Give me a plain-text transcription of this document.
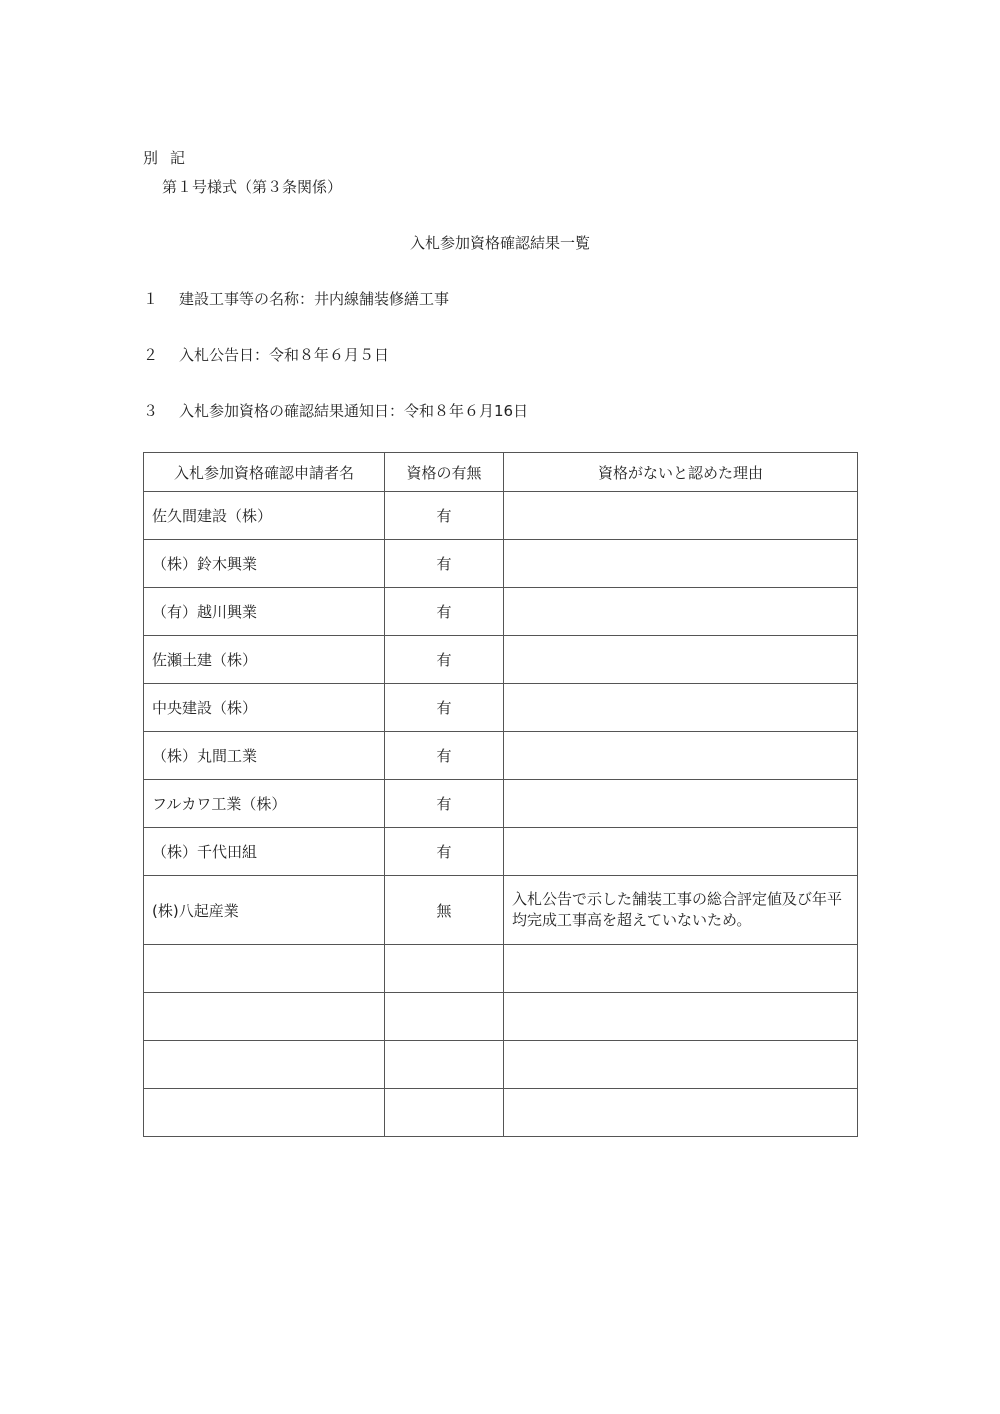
別記
第１号様式（第３条関係）
入札参加資格確認結果一覧
１ 建設工事等の名称：井内線舗装修繕工事
２ 入札公告日：令和８年６月５日
３ 入札参加資格の確認結果通知日：令和８年６月16日
入札参加資格確認申請者名	資格の有無	資格がないと認めた理由
佐久間建設（株）	有	
（株）鈴木興業	有	
（有）越川興業	有	
佐瀬土建（株）	有	
中央建設（株）	有	
（株）丸間工業	有	
フルカワ工業（株）	有	
（株）千代田組	有	
(株)八起産業	無	入札公告で示した舗装工事の総合評定値及び年平均完成工事高を超えていないため。
